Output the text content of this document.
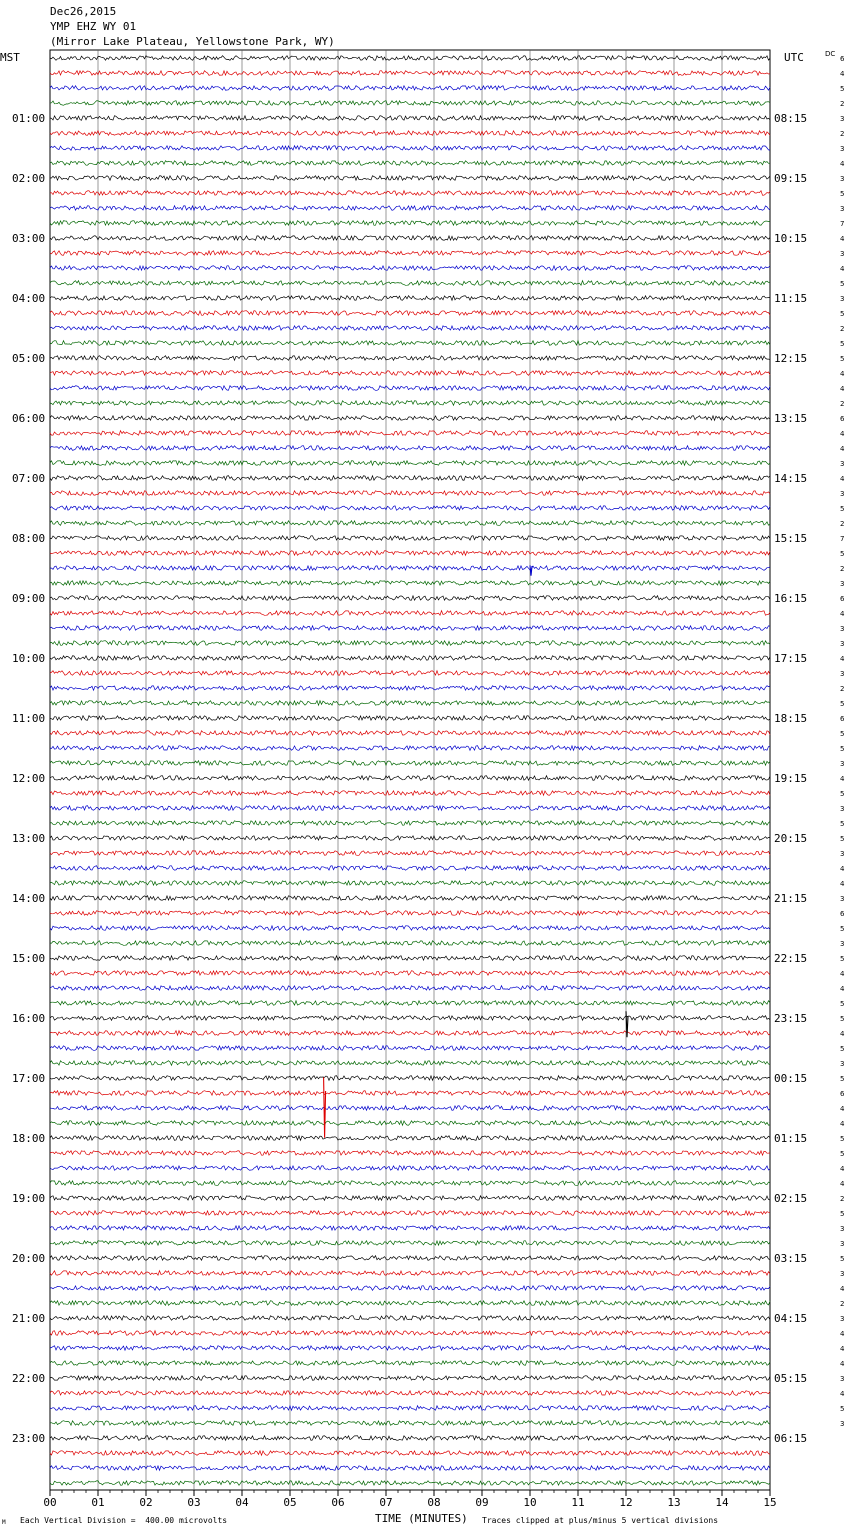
Dec26,2015
YMP EHZ WY 01
(Mirror Lake Plateau, Yellowstone Park, WY)
6
4
5
2
3
2
3
4
3
5
3
7
4
3
4
5
3
5
2
5
5
4
4
2
6
4
4
3
4
3
5
2
7
5
2
3
6
4
3
3
4
3
2
5
6
5
5
3
4
5
3
5
5
3
4
4
3
6
5
3
5
4
4
5
5
4
5
3
5
6
4
4
5
5
4
4
2
5
3
3
5
3
4
2
3
4
4
4
3
4
5
3
01:00
02:00
03:00
04:00
05:00
06:00
07:00
08:00
09:00
10:00
11:00
12:00
13:00
14:00
15:00
16:00
17:00
18:00
19:00
20:00
21:00
22:00
23:00
08:15
09:15
10:15
11:15
12:15
13:15
14:15
15:15
16:15
17:15
18:15
19:15
20:15
21:15
22:15
23:15
00:15
01:15
02:15
03:15
04:15
05:15
06:15
00	01	02	03	04	05	06	07	08	09	10	11	12	13	14	15
MST	UTC	DC
TIME (MINUTES)
M Each Vertical Division =  400.00 microvolts	Traces clipped at plus/minus 5 vertical divisions
